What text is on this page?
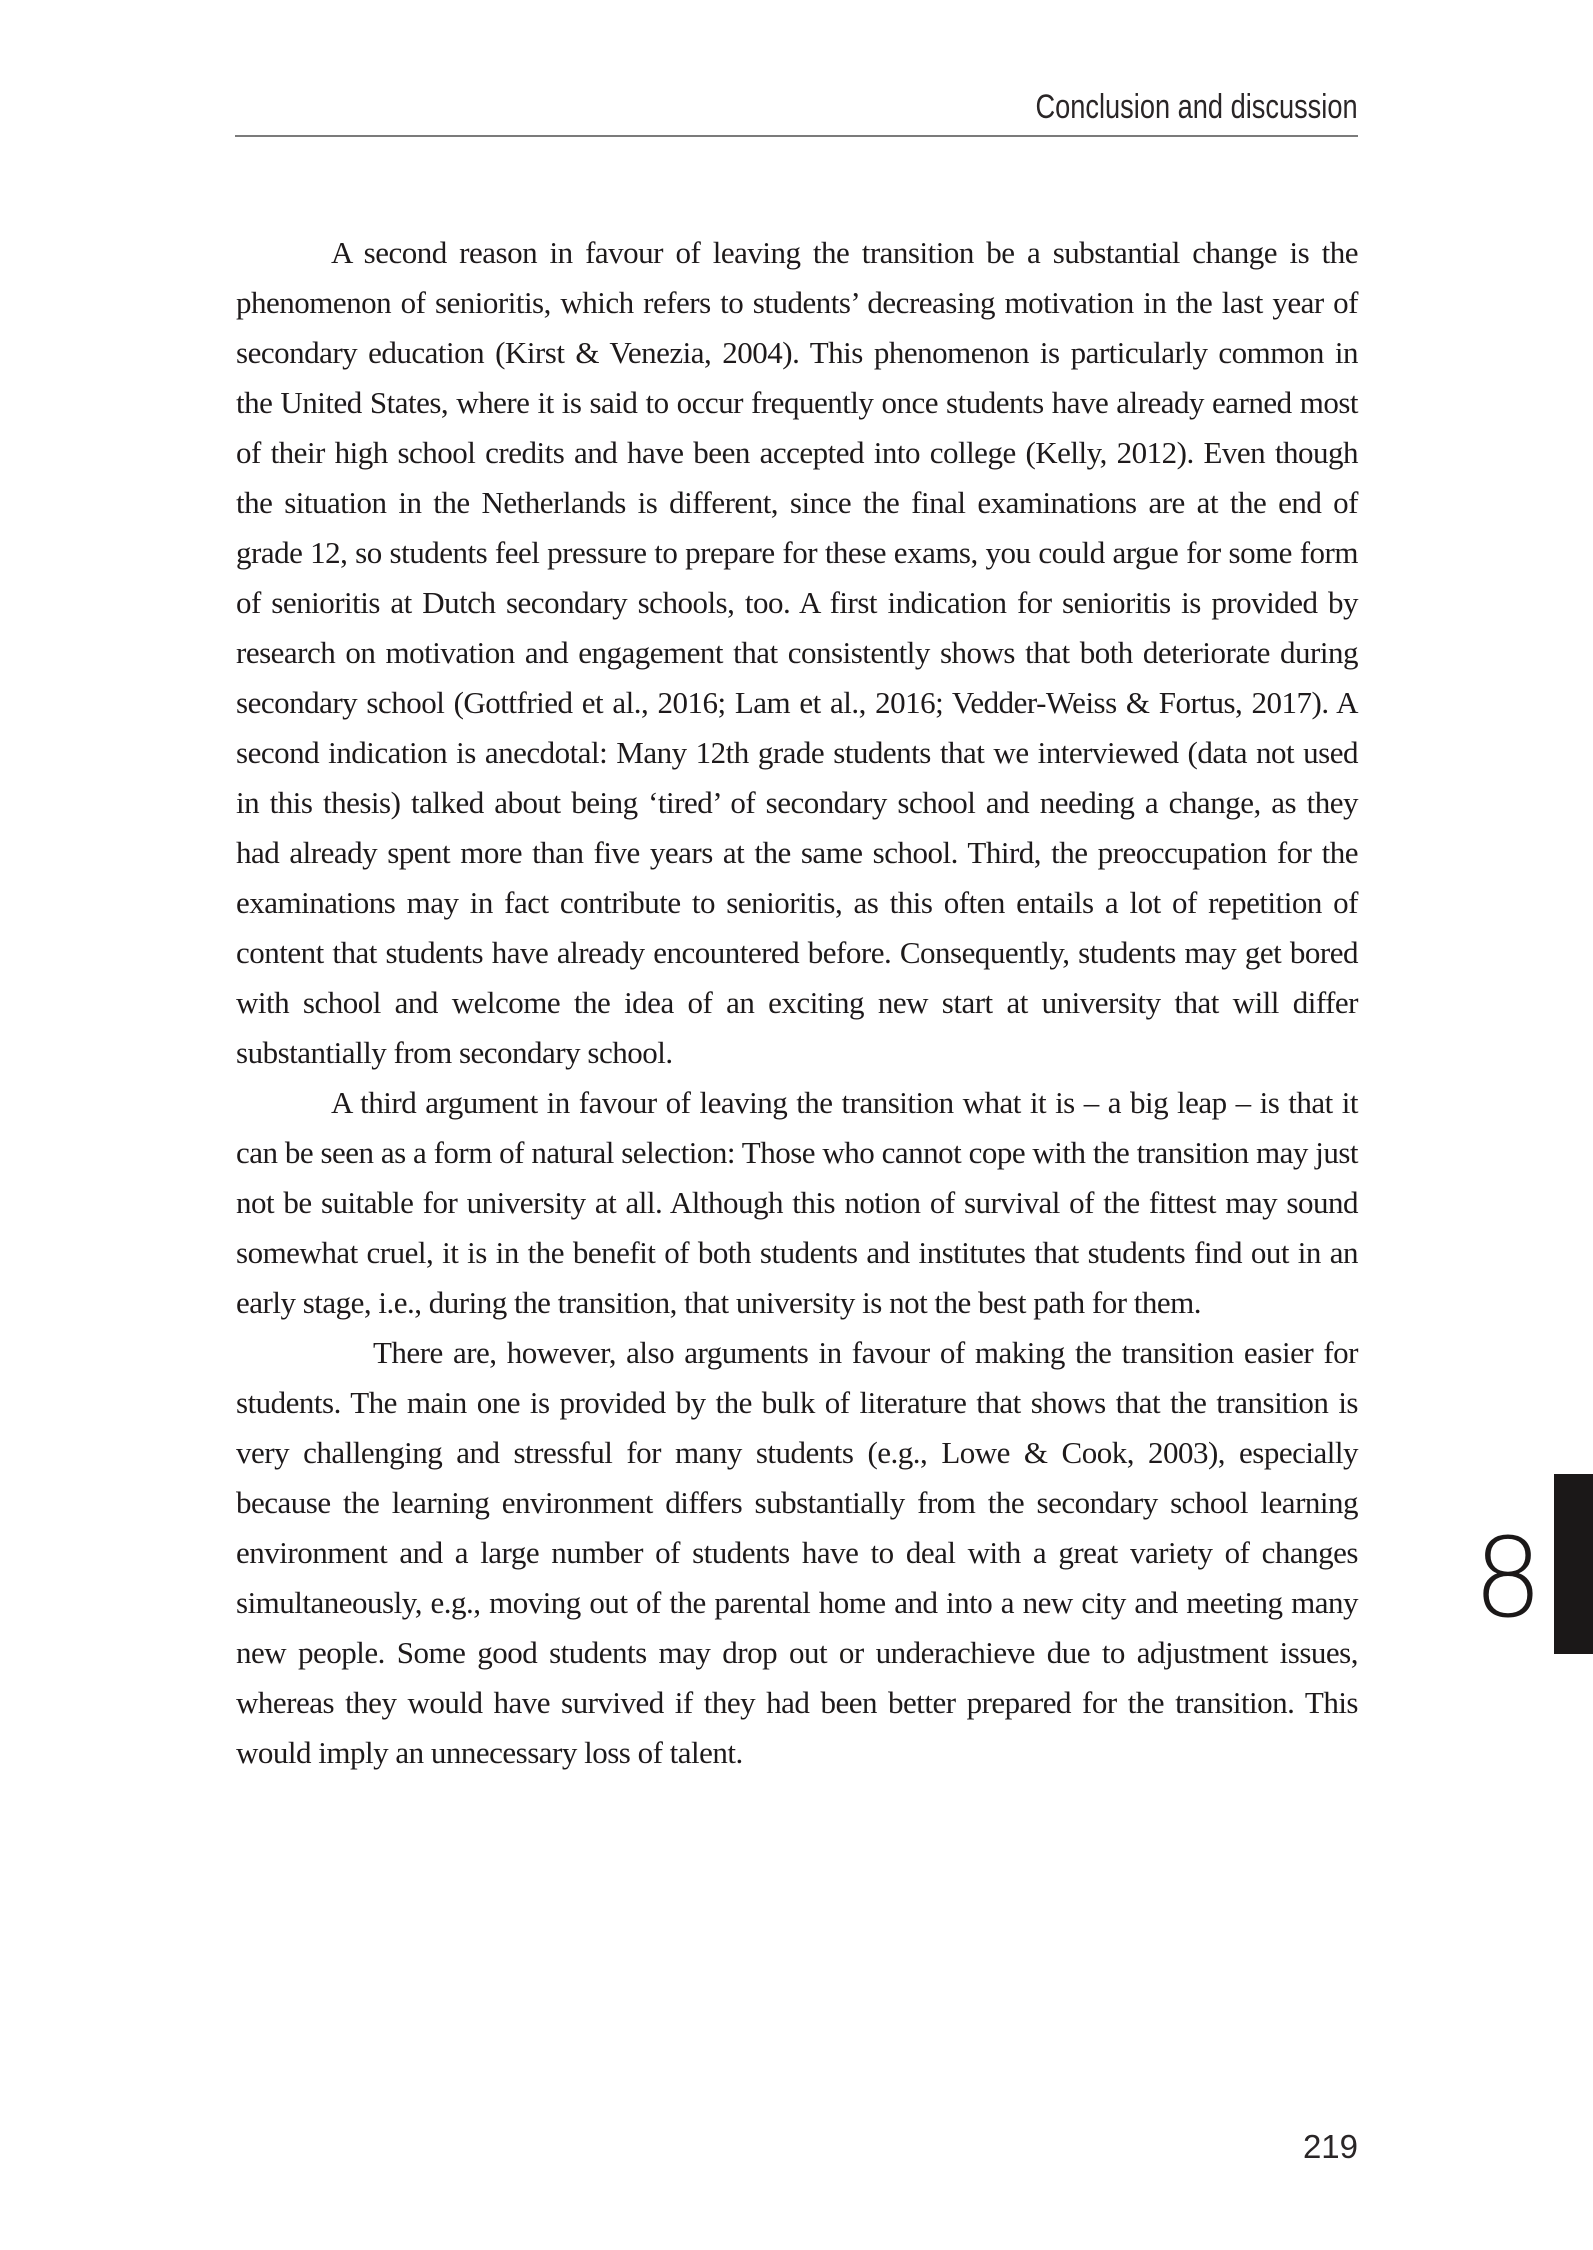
Conclusion and discussion

A second reason in favour of leaving the transition be a substantial change is the phenomenon of senioritis, which refers to students’ decreasing motivation in the last year of secondary education (Kirst & Venezia, 2004). This phenomenon is particularly common in the United States, where it is said to occur frequently once students have already earned most of their high school credits and have been accepted into college (Kelly, 2012). Even though the situation in the Netherlands is different, since the final examinations are at the end of grade 12, so students feel pressure to prepare for these exams, you could argue for some form of senioritis at Dutch secondary schools, too. A first indication for senioritis is provided by research on motivation and engagement that consistently shows that both deteriorate during secondary school (Gottfried et al., 2016; Lam et al., 2016; Vedder-Weiss & Fortus, 2017). A second indication is anecdotal: Many 12th grade students that we interviewed (data not used in this thesis) talked about being ‘tired’ of secondary school and needing a change, as they had already spent more than five years at the same school. Third, the preoccupation for the examinations may in fact contribute to senioritis, as this often entails a lot of repetition of content that students have already encountered before. Consequently, students may get bored with school and welcome the idea of an exciting new start at university that will differ substantially from secondary school.

A third argument in favour of leaving the transition what it is – a big leap – is that it can be seen as a form of natural selection: Those who cannot cope with the transition may just not be suitable for university at all. Although this notion of survival of the fittest may sound somewhat cruel, it is in the benefit of both students and institutes that students find out in an early stage, i.e., during the transition, that university is not the best path for them.

There are, however, also arguments in favour of making the transition easier for students. The main one is provided by the bulk of literature that shows that the transition is very challenging and stressful for many students (e.g., Lowe & Cook, 2003), especially because the learning environment differs substantially from the secondary school learning environment and a large number of students have to deal with a great variety of changes simultaneously, e.g., moving out of the parental home and into a new city and meeting many new people. Some good students may drop out or underachieve due to adjustment issues, whereas they would have survived if they had been better prepared for the transition. This would imply an unnecessary loss of talent.

8
219
